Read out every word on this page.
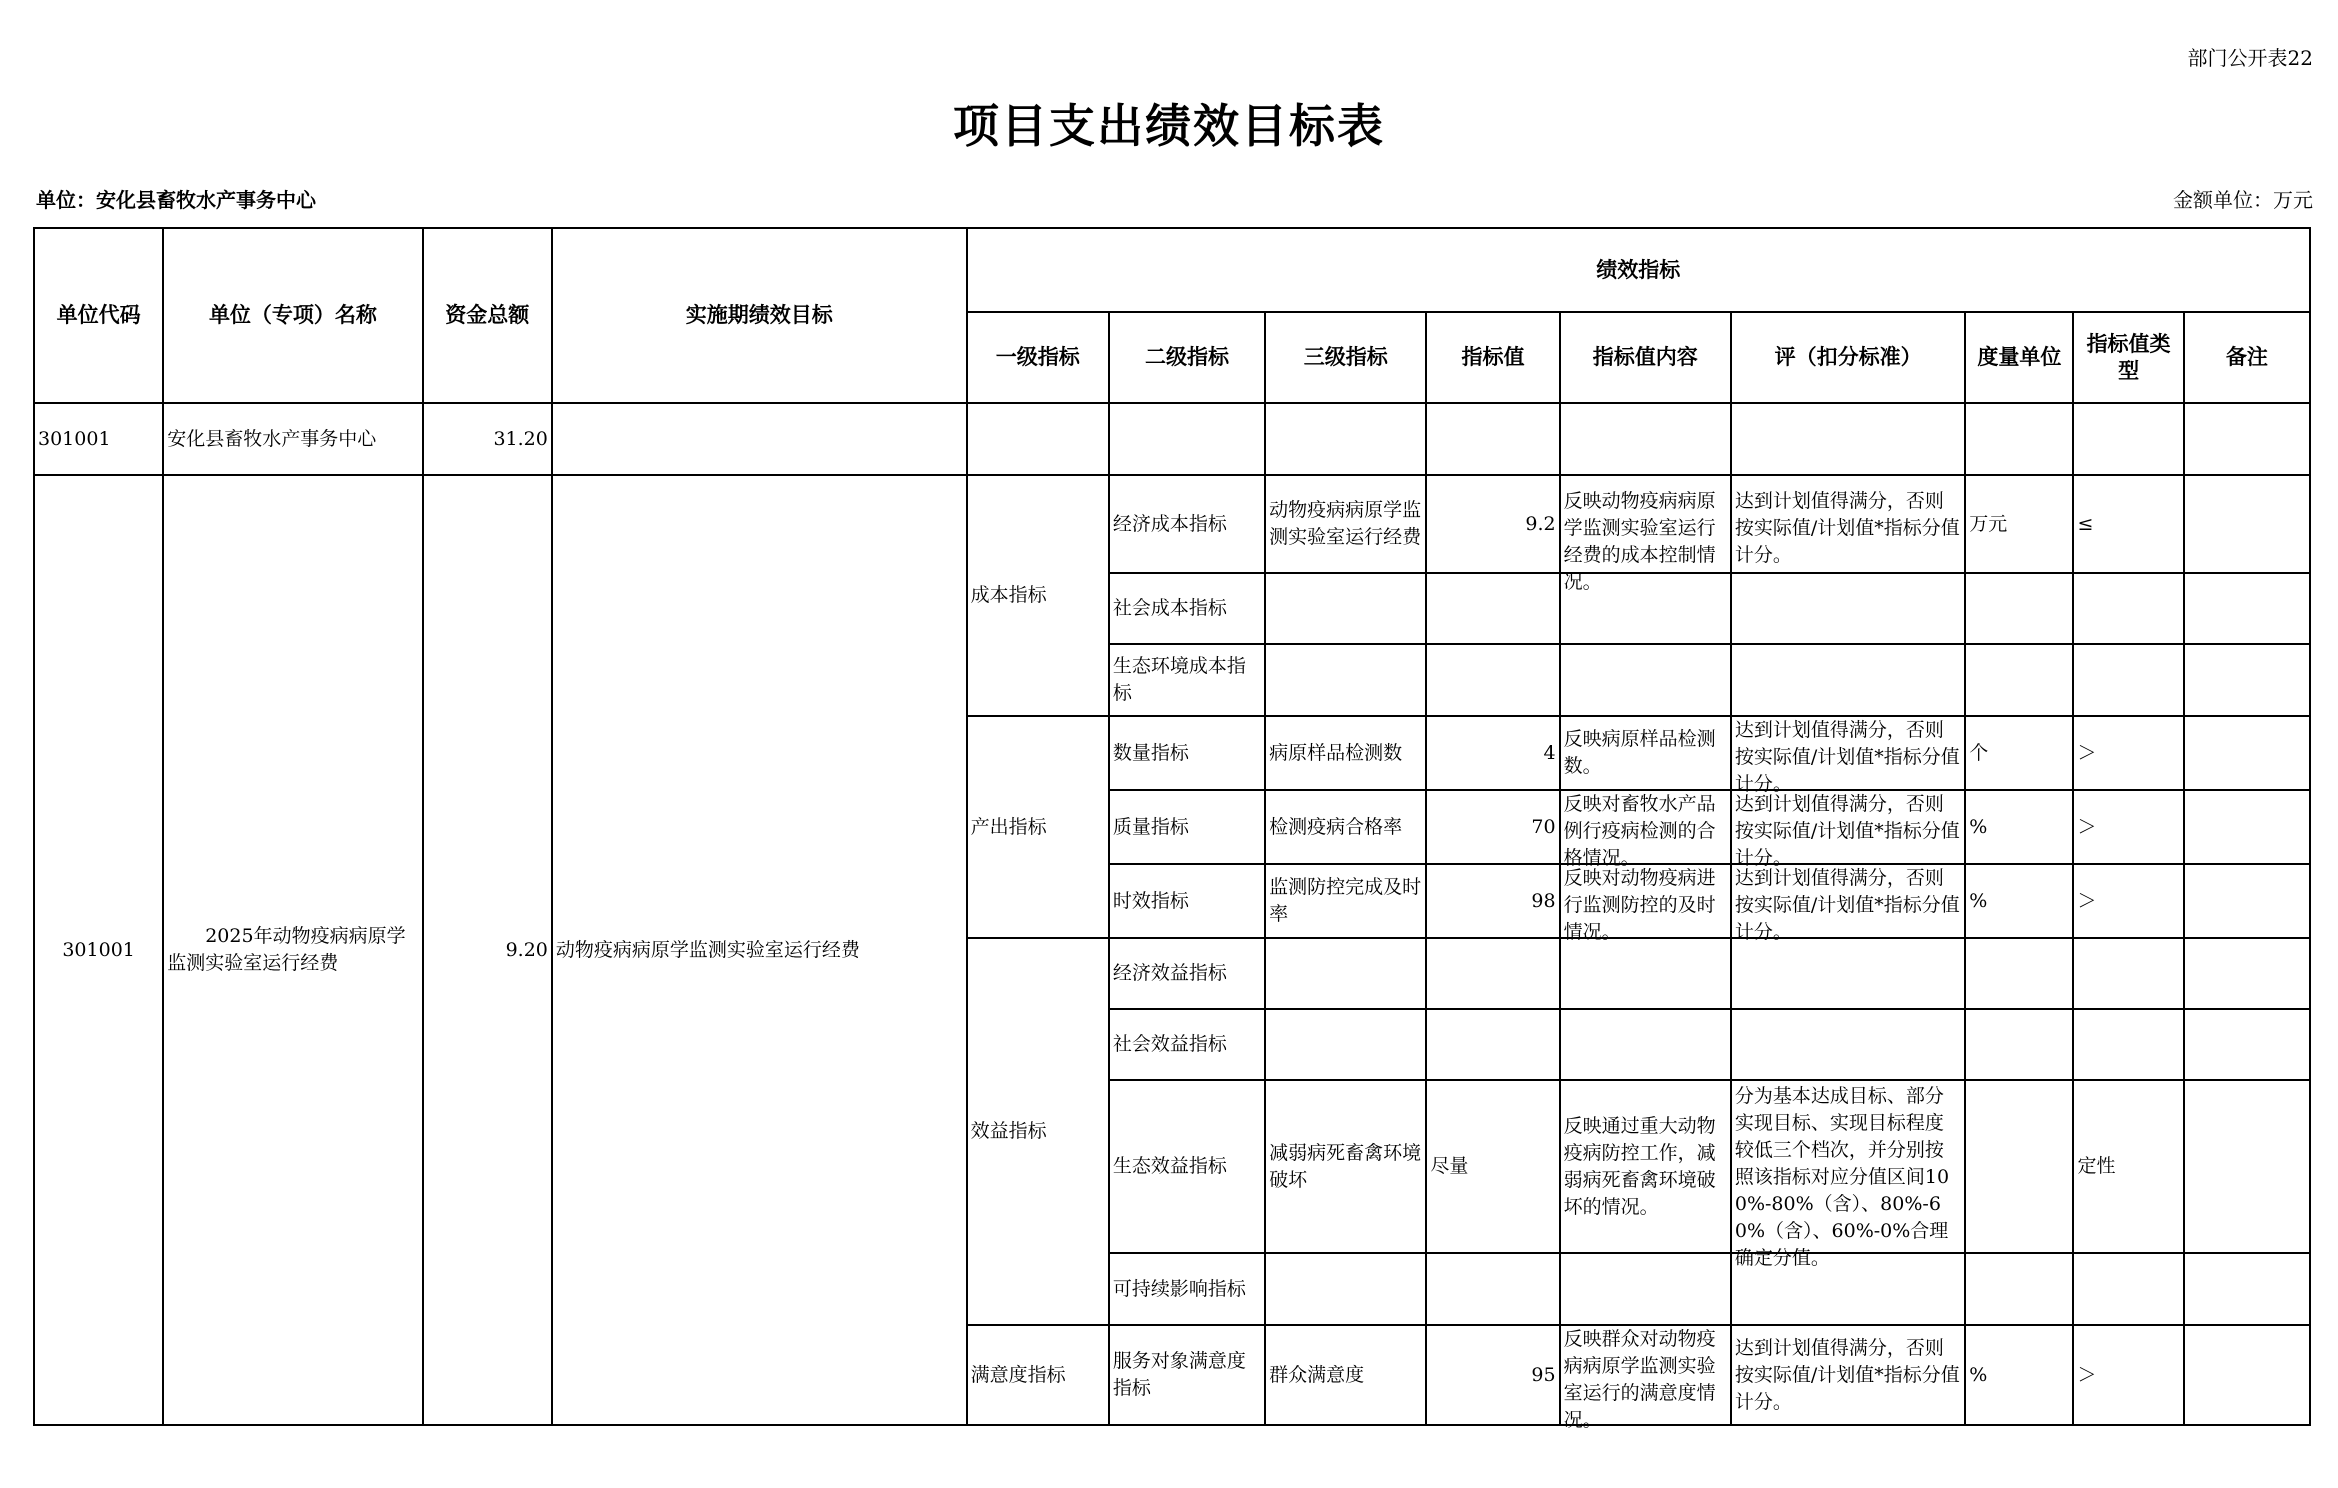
部门公开表22
项目支出绩效目标表
单位：安化县畜牧水产事务中心	金额单位：万元
单位代码	单位（专项）名称	资金总额	实施期绩效目标	绩效指标								
				一级指标	二级指标	三级指标	指标值	指标值内容	评（扣分标准）	度量单位	指标值类型	备注
301001	安化县畜牧水产事务中心	31.20										
301001	2025年动物疫病病原学监测实验室运行经费	9.20	动物疫病病原学监测实验室运行经费	成本指标	经济成本指标	动物疫病病原学监测实验室运行经费	9.2	反映动物疫病病原学监测实验室运行经费的成本控制情况。	达到计划值得满分，否则按实际值/计划值*指标分值计分。	万元	≤	
					社会成本指标							
					生态环境成本指标							
				产出指标	数量指标	病原样品检测数	4	反映病原样品检测数。	达到计划值得满分，否则按实际值/计划值*指标分值计分。	个	＞	
					质量指标	检测疫病合格率	70	反映对畜牧水产品例行疫病检测的合格情况。	达到计划值得满分，否则按实际值/计划值*指标分值计分。	%	＞	
					时效指标	监测防控完成及时率	98	反映对动物疫病进行监测防控的及时情况。	达到计划值得满分，否则按实际值/计划值*指标分值计分。	%	＞	
				效益指标	经济效益指标							
					社会效益指标							
					生态效益指标	减弱病死畜禽环境破坏	尽量	反映通过重大动物疫病防控工作，减弱病死畜禽环境破坏的情况。	分为基本达成目标、部分实现目标、实现目标程度较低三个档次，并分别按照该指标对应分值区间100%-80%（含）、80%-60%（含）、60%-0%合理确定分值。		定性	
					可持续影响指标							
				满意度指标	服务对象满意度指标	群众满意度	95	反映群众对动物疫病病原学监测实验室运行的满意度情况。	达到计划值得满分，否则按实际值/计划值*指标分值计分。	%	＞	
